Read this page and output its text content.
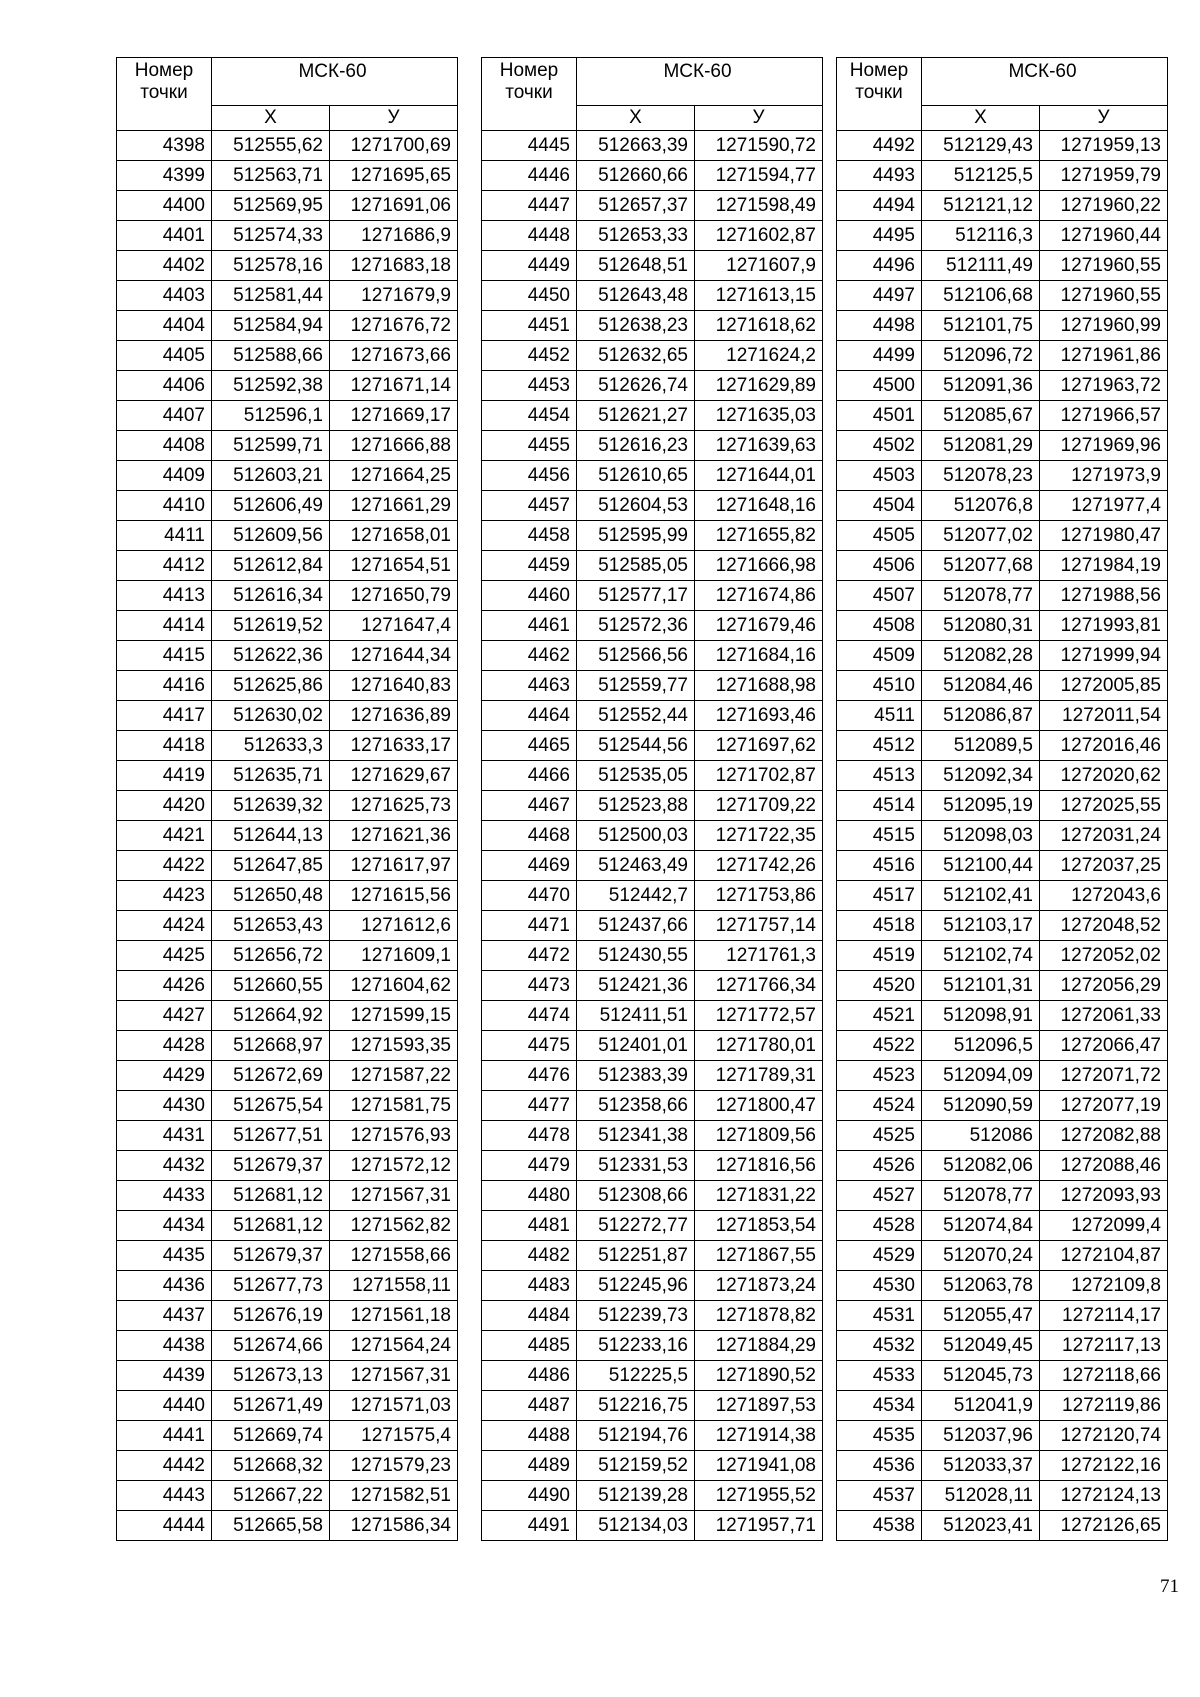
Номер
точки	МСК-60	
	X	У
4398	512555,62	1271700,69
4399	512563,71	1271695,65
4400	512569,95	1271691,06
4401	512574,33	1271686,9
4402	512578,16	1271683,18
4403	512581,44	1271679,9
4404	512584,94	1271676,72
4405	512588,66	1271673,66
4406	512592,38	1271671,14
4407	512596,1	1271669,17
4408	512599,71	1271666,88
4409	512603,21	1271664,25
4410	512606,49	1271661,29
4411	512609,56	1271658,01
4412	512612,84	1271654,51
4413	512616,34	1271650,79
4414	512619,52	1271647,4
4415	512622,36	1271644,34
4416	512625,86	1271640,83
4417	512630,02	1271636,89
4418	512633,3	1271633,17
4419	512635,71	1271629,67
4420	512639,32	1271625,73
4421	512644,13	1271621,36
4422	512647,85	1271617,97
4423	512650,48	1271615,56
4424	512653,43	1271612,6
4425	512656,72	1271609,1
4426	512660,55	1271604,62
4427	512664,92	1271599,15
4428	512668,97	1271593,35
4429	512672,69	1271587,22
4430	512675,54	1271581,75
4431	512677,51	1271576,93
4432	512679,37	1271572,12
4433	512681,12	1271567,31
4434	512681,12	1271562,82
4435	512679,37	1271558,66
4436	512677,73	1271558,11
4437	512676,19	1271561,18
4438	512674,66	1271564,24
4439	512673,13	1271567,31
4440	512671,49	1271571,03
4441	512669,74	1271575,4
4442	512668,32	1271579,23
4443	512667,22	1271582,51
4444	512665,58	1271586,34
Номер
точки	МСК-60	
	X	У
4445	512663,39	1271590,72
4446	512660,66	1271594,77
4447	512657,37	1271598,49
4448	512653,33	1271602,87
4449	512648,51	1271607,9
4450	512643,48	1271613,15
4451	512638,23	1271618,62
4452	512632,65	1271624,2
4453	512626,74	1271629,89
4454	512621,27	1271635,03
4455	512616,23	1271639,63
4456	512610,65	1271644,01
4457	512604,53	1271648,16
4458	512595,99	1271655,82
4459	512585,05	1271666,98
4460	512577,17	1271674,86
4461	512572,36	1271679,46
4462	512566,56	1271684,16
4463	512559,77	1271688,98
4464	512552,44	1271693,46
4465	512544,56	1271697,62
4466	512535,05	1271702,87
4467	512523,88	1271709,22
4468	512500,03	1271722,35
4469	512463,49	1271742,26
4470	512442,7	1271753,86
4471	512437,66	1271757,14
4472	512430,55	1271761,3
4473	512421,36	1271766,34
4474	512411,51	1271772,57
4475	512401,01	1271780,01
4476	512383,39	1271789,31
4477	512358,66	1271800,47
4478	512341,38	1271809,56
4479	512331,53	1271816,56
4480	512308,66	1271831,22
4481	512272,77	1271853,54
4482	512251,87	1271867,55
4483	512245,96	1271873,24
4484	512239,73	1271878,82
4485	512233,16	1271884,29
4486	512225,5	1271890,52
4487	512216,75	1271897,53
4488	512194,76	1271914,38
4489	512159,52	1271941,08
4490	512139,28	1271955,52
4491	512134,03	1271957,71
Номер
точки	МСК-60	
	X	У
4492	512129,43	1271959,13
4493	512125,5	1271959,79
4494	512121,12	1271960,22
4495	512116,3	1271960,44
4496	512111,49	1271960,55
4497	512106,68	1271960,55
4498	512101,75	1271960,99
4499	512096,72	1271961,86
4500	512091,36	1271963,72
4501	512085,67	1271966,57
4502	512081,29	1271969,96
4503	512078,23	1271973,9
4504	512076,8	1271977,4
4505	512077,02	1271980,47
4506	512077,68	1271984,19
4507	512078,77	1271988,56
4508	512080,31	1271993,81
4509	512082,28	1271999,94
4510	512084,46	1272005,85
4511	512086,87	1272011,54
4512	512089,5	1272016,46
4513	512092,34	1272020,62
4514	512095,19	1272025,55
4515	512098,03	1272031,24
4516	512100,44	1272037,25
4517	512102,41	1272043,6
4518	512103,17	1272048,52
4519	512102,74	1272052,02
4520	512101,31	1272056,29
4521	512098,91	1272061,33
4522	512096,5	1272066,47
4523	512094,09	1272071,72
4524	512090,59	1272077,19
4525	512086	1272082,88
4526	512082,06	1272088,46
4527	512078,77	1272093,93
4528	512074,84	1272099,4
4529	512070,24	1272104,87
4530	512063,78	1272109,8
4531	512055,47	1272114,17
4532	512049,45	1272117,13
4533	512045,73	1272118,66
4534	512041,9	1272119,86
4535	512037,96	1272120,74
4536	512033,37	1272122,16
4537	512028,11	1272124,13
4538	512023,41	1272126,65
71
